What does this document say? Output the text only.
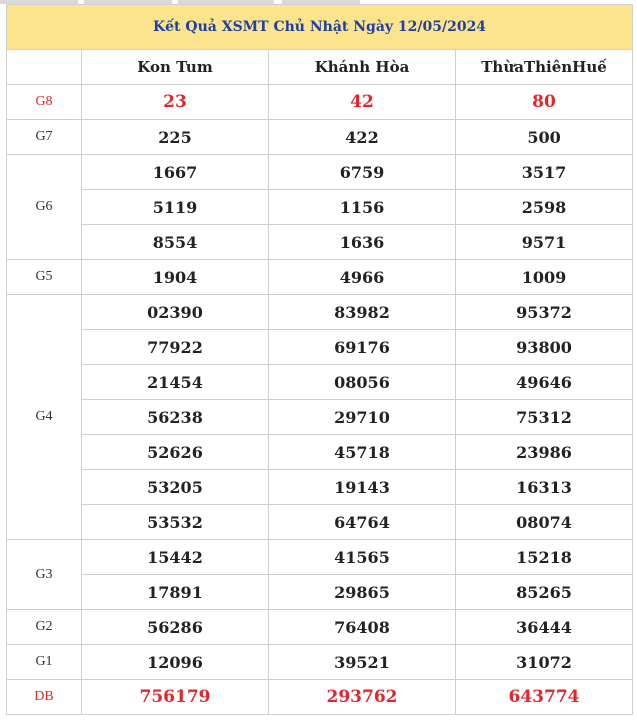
Kết Quả XSMT Chủ Nhật Ngày 12/05/2024			
	Kon Tum	Khánh Hòa	ThừaThiênHuế
G8	23	42	80
G7	225	422	500
G6	1667	6759	3517
	5119	1156	2598
	8554	1636	9571
G5	1904	4966	1009
G4	02390	83982	95372
	77922	69176	93800
	21454	08056	49646
	56238	29710	75312
	52626	45718	23986
	53205	19143	16313
	53532	64764	08074
G3	15442	41565	15218
	17891	29865	85265
G2	56286	76408	36444
G1	12096	39521	31072
DB	756179	293762	643774
